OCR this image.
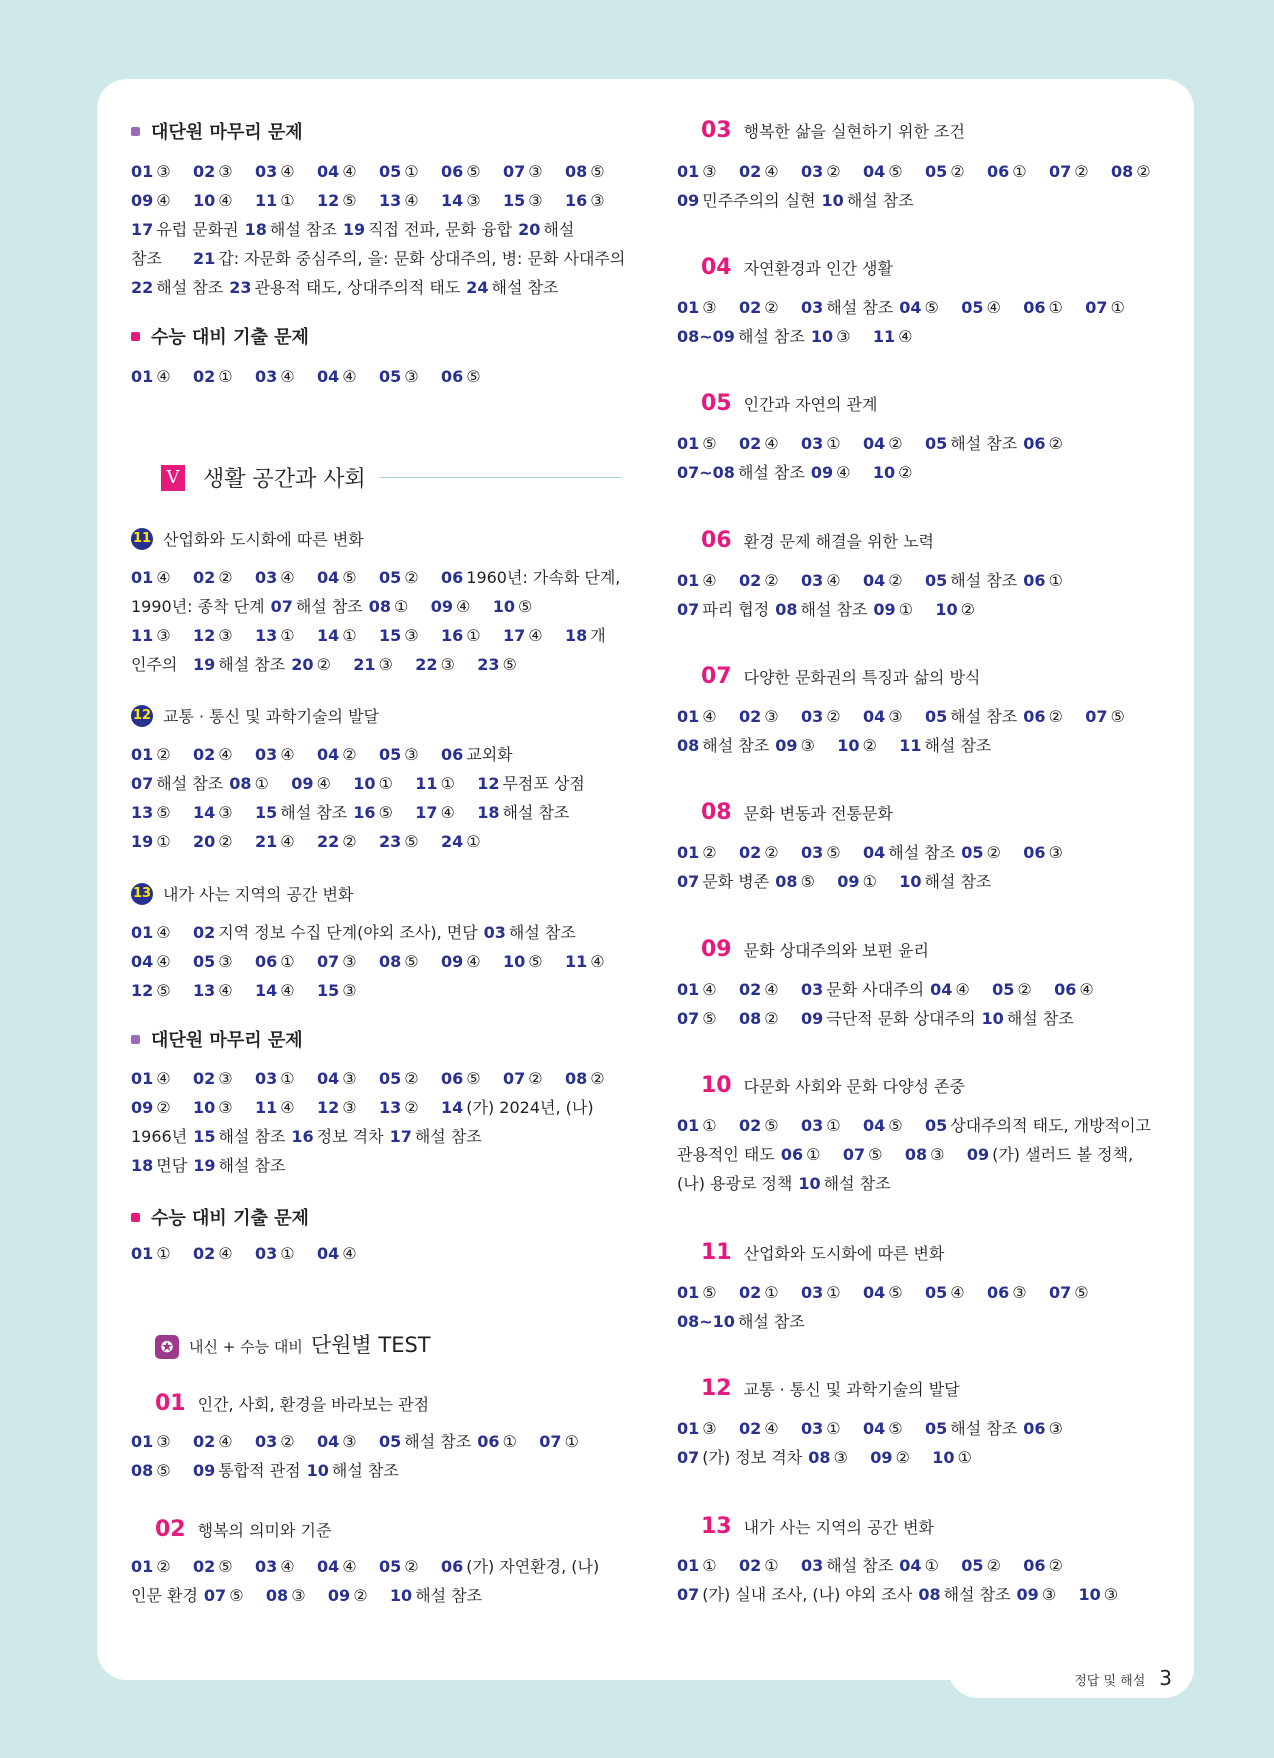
정답 및 해설 3
대단원 마무리 문제
01 ③ 02 ③ 03 ④ 04 ④ 05 ① 06 ⑤ 07 ③ 08 ⑤
09 ④ 10 ④ 11 ① 12 ⑤ 13 ④ 14 ③ 15 ③ 16 ③
17 유럽 문화권 18 해설 참조 19 직접 전파, 문화 융합 20 해설
참조 21 갑: 자문화 중심주의, 을: 문화 상대주의, 병: 문화 사대주의
22 해설 참조 23 관용적 태도, 상대주의적 태도 24 해설 참조
수능 대비 기출 문제
01 ④ 02 ① 03 ④ 04 ④ 05 ③ 06 ⑤
V 생활 공간과 사회
11 산업화와 도시화에 따른 변화
01 ④ 02 ② 03 ④ 04 ⑤ 05 ② 06 1960년: 가속화 단계,
1990년: 종착 단계 07 해설 참조 08 ① 09 ④ 10 ⑤
11 ③ 12 ③ 13 ① 14 ① 15 ③ 16 ① 17 ④ 18 개
인주의 19 해설 참조 20 ② 21 ③ 22 ③ 23 ⑤
12 교통 · 통신 및 과학기술의 발달
01 ② 02 ④ 03 ④ 04 ② 05 ③ 06 교외화
07 해설 참조 08 ① 09 ④ 10 ① 11 ① 12 무점포 상점
13 ⑤ 14 ③ 15 해설 참조 16 ⑤ 17 ④ 18 해설 참조
19 ① 20 ② 21 ④ 22 ② 23 ⑤ 24 ①
13 내가 사는 지역의 공간 변화
01 ④ 02 지역 정보 수집 단계(야외 조사), 면담 03 해설 참조
04 ④ 05 ③ 06 ① 07 ③ 08 ⑤ 09 ④ 10 ⑤ 11 ④
12 ⑤ 13 ④ 14 ④ 15 ③
대단원 마무리 문제
01 ④ 02 ③ 03 ① 04 ③ 05 ② 06 ⑤ 07 ② 08 ②
09 ② 10 ③ 11 ④ 12 ③ 13 ② 14 (가) 2024년, (나)
1966년 15 해설 참조 16 정보 격차 17 해설 참조
18 면담 19 해설 참조
수능 대비 기출 문제
01 ① 02 ④ 03 ① 04 ④
✪	내신 + 수능 대비 단원별 TEST
01 인간, 사회, 환경을 바라보는 관점
01 ③ 02 ④ 03 ② 04 ③ 05 해설 참조 06 ① 07 ①
08 ⑤ 09 통합적 관점 10 해설 참조
02 행복의 의미와 기준
01 ② 02 ⑤ 03 ④ 04 ④ 05 ② 06 (가) 자연환경, (나)
인문 환경 07 ⑤ 08 ③ 09 ② 10 해설 참조
03 행복한 삶을 실현하기 위한 조건
01 ③ 02 ④ 03 ② 04 ⑤ 05 ② 06 ① 07 ② 08 ②
09 민주주의의 실현 10 해설 참조
04 자연환경과 인간 생활
01 ③ 02 ② 03 해설 참조 04 ⑤ 05 ④ 06 ① 07 ①
08~09 해설 참조 10 ③ 11 ④
05 인간과 자연의 관계
01 ⑤ 02 ④ 03 ① 04 ② 05 해설 참조 06 ②
07~08 해설 참조 09 ④ 10 ②
06 환경 문제 해결을 위한 노력
01 ④ 02 ② 03 ④ 04 ② 05 해설 참조 06 ①
07 파리 협정 08 해설 참조 09 ① 10 ②
07 다양한 문화권의 특징과 삶의 방식
01 ④ 02 ③ 03 ② 04 ③ 05 해설 참조 06 ② 07 ⑤
08 해설 참조 09 ③ 10 ② 11 해설 참조
08 문화 변동과 전통문화
01 ② 02 ② 03 ⑤ 04 해설 참조 05 ② 06 ③
07 문화 병존 08 ⑤ 09 ① 10 해설 참조
09 문화 상대주의와 보편 윤리
01 ④ 02 ④ 03 문화 사대주의 04 ④ 05 ② 06 ④
07 ⑤ 08 ② 09 극단적 문화 상대주의 10 해설 참조
10 다문화 사회와 문화 다양성 존중
01 ① 02 ⑤ 03 ① 04 ⑤ 05 상대주의적 태도, 개방적이고
관용적인 태도 06 ① 07 ⑤ 08 ③ 09 (가) 샐러드 볼 정책,
(나) 용광로 정책 10 해설 참조
11 산업화와 도시화에 따른 변화
01 ⑤ 02 ① 03 ① 04 ⑤ 05 ④ 06 ③ 07 ⑤
08~10 해설 참조
12 교통 · 통신 및 과학기술의 발달
01 ③ 02 ④ 03 ① 04 ⑤ 05 해설 참조 06 ③
07 (가) 정보 격차 08 ③ 09 ② 10 ①
13 내가 사는 지역의 공간 변화
01 ① 02 ① 03 해설 참조 04 ① 05 ② 06 ②
07 (가) 실내 조사, (나) 야외 조사 08 해설 참조 09 ③ 10 ③
